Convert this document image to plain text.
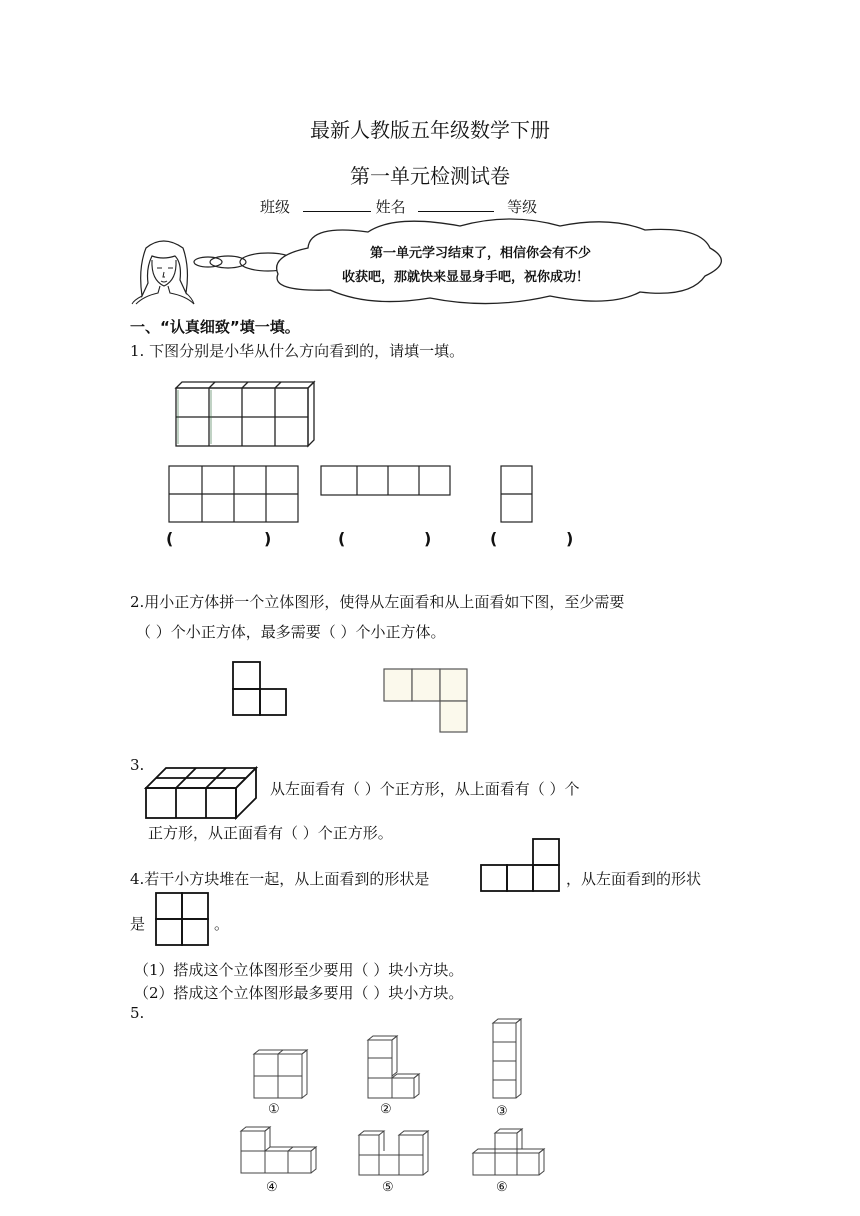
最新人教版五年级数学下册
第一单元检测试卷
班级	姓名	等级
第一单元学习结束了，相信你会有不少
收获吧，那就快来显显身手吧，祝你成功！
一、“认真细致”填一填。
1. 下图分别是小华从什么方向看到的，请填一填。
(	)	(	)	(	)
2.用小正方体拼一个立体图形，使得从左面看和从上面看如下图，至少需要
（ ）个小正方体，最多需要（ ）个小正方体。
3.
从左面看有（ ）个正方形，从上面看有（ ）个
正方形，从正面看有（ ）个正方形。
4.若干小方块堆在一起，从上面看到的形状是	，从左面看到的形状
是	。
（1）搭成这个立体图形至少要用（ ）块小方块。
（2）搭成这个立体图形最多要用（ ）块小方块。
5.
①	②	③
④	⑤	⑥
